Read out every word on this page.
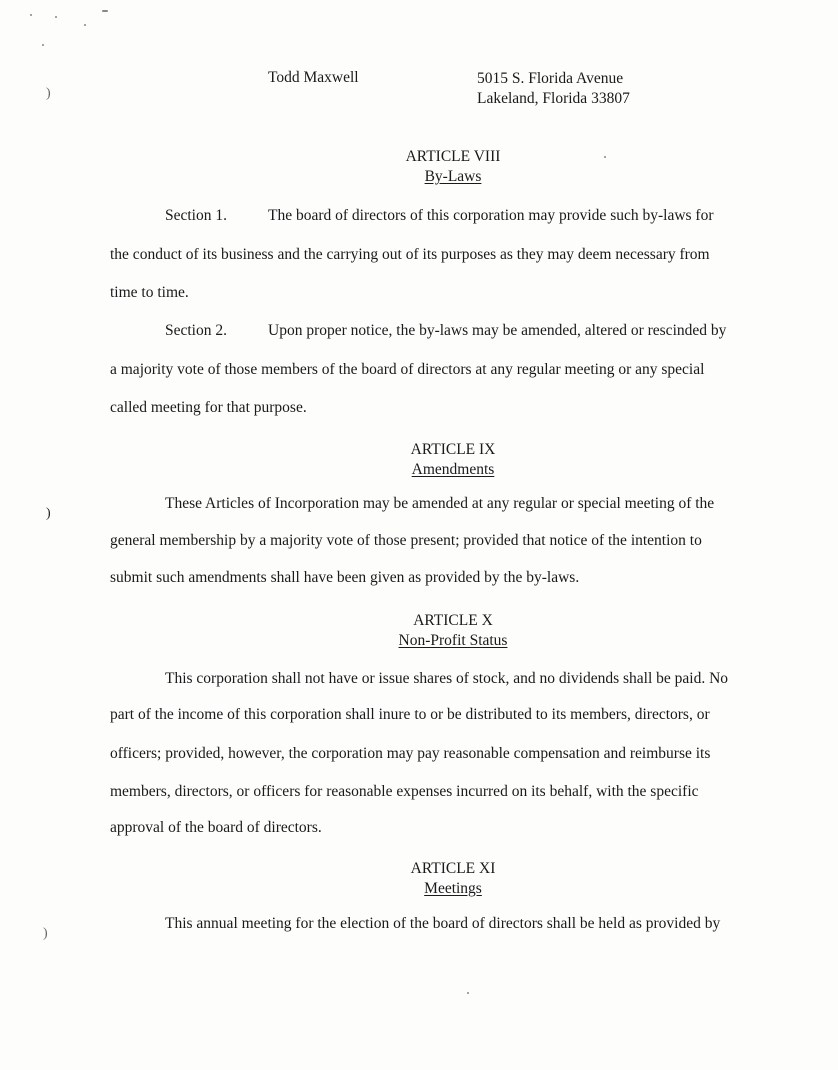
)
)
)
Todd Maxwell	5015 S. Florida Avenue
Lakeland, Florida 33807
ARTICLE VIII
By-Laws
Section 1.	The board of directors of this corporation may provide such by-laws for
the conduct of its business and the carrying out of its purposes as they may deem necessary from
time to time.
Section 2.	Upon proper notice, the by-laws may be amended, altered or rescinded by
a majority vote of those members of the board of directors at any regular meeting or any special
called meeting for that purpose.
ARTICLE IX
Amendments
These Articles of Incorporation may be amended at any regular or special meeting of the
general membership by a majority vote of those present; provided that notice of the intention to
submit such amendments shall have been given as provided by the by-laws.
ARTICLE X
Non-Profit Status
This corporation shall not have or issue shares of stock, and no dividends shall be paid. No
part of the income of this corporation shall inure to or be distributed to its members, directors, or
officers; provided, however, the corporation may pay reasonable compensation and reimburse its
members, directors, or officers for reasonable expenses incurred on its behalf, with the specific
approval of the board of directors.
ARTICLE XI
Meetings
This annual meeting for the election of the board of directors shall be held as provided by
